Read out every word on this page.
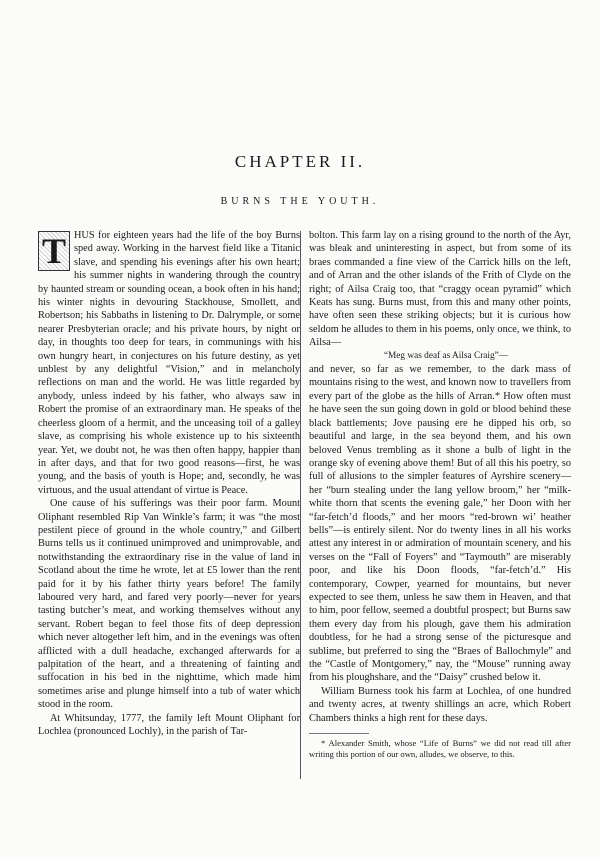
CHAPTER II.
BURNS THE YOUTH.

T HUS for eighteen years had the life of the boy Burns sped away. Working in the harvest field like a Titanic slave, and spending his evenings after his own heart; his summer nights in wandering through the country by haunted stream or sounding ocean, a book often in his hand; his winter nights in devouring Stackhouse, Smollett, and Robertson; his Sabbaths in listening to Dr. Dalrymple, or some nearer Presbyterian oracle; and his private hours, by night or day, in thoughts too deep for tears, in communings with his own hungry heart, in conjectures on his future destiny, as yet unblest by any delightful “Vision,” and in melancholy reflections on man and the world. He was little regarded by anybody, unless indeed by his father, who always saw in Robert the promise of an extraordinary man. He speaks of the cheerless gloom of a hermit, and the unceasing toil of a galley slave, as comprising his whole existence up to his sixteenth year. Yet, we doubt not, he was then often happy, happier than in after days, and that for two good reasons—first, he was young, and the basis of youth is Hope; and, secondly, he was virtuous, and the usual attendant of virtue is Peace.

One cause of his sufferings was their poor farm. Mount Oliphant resembled Rip Van Winkle’s farm; it was “the most pestilent piece of ground in the whole country,” and Gilbert Burns tells us it continued unimproved and unimprovable, and notwithstanding the extraordinary rise in the value of land in Scotland about the time he wrote, let at £5 lower than the rent paid for it by his father thirty years before! The family laboured very hard, and fared very poorly—never for years tasting butcher’s meat, and working themselves without any servant. Robert began to feel those fits of deep depression which never altogether left him, and in the evenings was often afflicted with a dull headache, exchanged afterwards for a palpitation of the heart, and a threatening of fainting and suffocation in his bed in the nighttime, which made him sometimes arise and plunge himself into a tub of water which stood in the room.

At Whitsunday, 1777, the family left Mount Oliphant for Lochlea (pronounced Lochly), in the parish of Tar-

bolton. This farm lay on a rising ground to the north of the Ayr, was bleak and uninteresting in aspect, but from some of its braes commanded a fine view of the Carrick hills on the left, and of Arran and the other islands of the Frith of Clyde on the right; of Ailsa Craig too, that “craggy ocean pyramid” which Keats has sung. Burns must, from this and many other points, have often seen these striking objects; but it is curious how seldom he alludes to them in his poems, only once, we think, to Ailsa—

“Meg was deaf as Ailsa Craig”—

and never, so far as we remember, to the dark mass of mountains rising to the west, and known now to travellers from every part of the globe as the hills of Arran.* How often must he have seen the sun going down in gold or blood behind these black battlements; Jove pausing ere he dipped his orb, so beautiful and large, in the sea beyond them, and his own beloved Venus trembling as it shone a bulb of light in the orange sky of evening above them! But of all this his poetry, so full of allusions to the simpler features of Ayrshire scenery—her “burn stealing under the lang yellow broom,” her “milk-white thorn that scents the evening gale,” her Doon with her “far-fetch’d floods,” and her moors “red-brown wi’ heather bells”—is entirely silent. Nor do twenty lines in all his works attest any interest in or admiration of mountain scenery, and his verses on the “Fall of Foyers” and “Taymouth” are miserably poor, and like his Doon floods, “far-fetch’d.” His contemporary, Cowper, yearned for mountains, but never expected to see them, unless he saw them in Heaven, and that to him, poor fellow, seemed a doubtful prospect; but Burns saw them every day from his plough, gave them his admiration doubtless, for he had a strong sense of the picturesque and sublime, but preferred to sing the “Braes of Ballochmyle” and the “Castle of Montgomery,” nay, the “Mouse” running away from his ploughshare, and the “Daisy” crushed below it.

William Burness took his farm at Lochlea, of one hundred and twenty acres, at twenty shillings an acre, which Robert Chambers thinks a high rent for these days.

* Alexander Smith, whose “Life of Burns” we did not read till after writing this portion of our own, alludes, we observe, to this.
